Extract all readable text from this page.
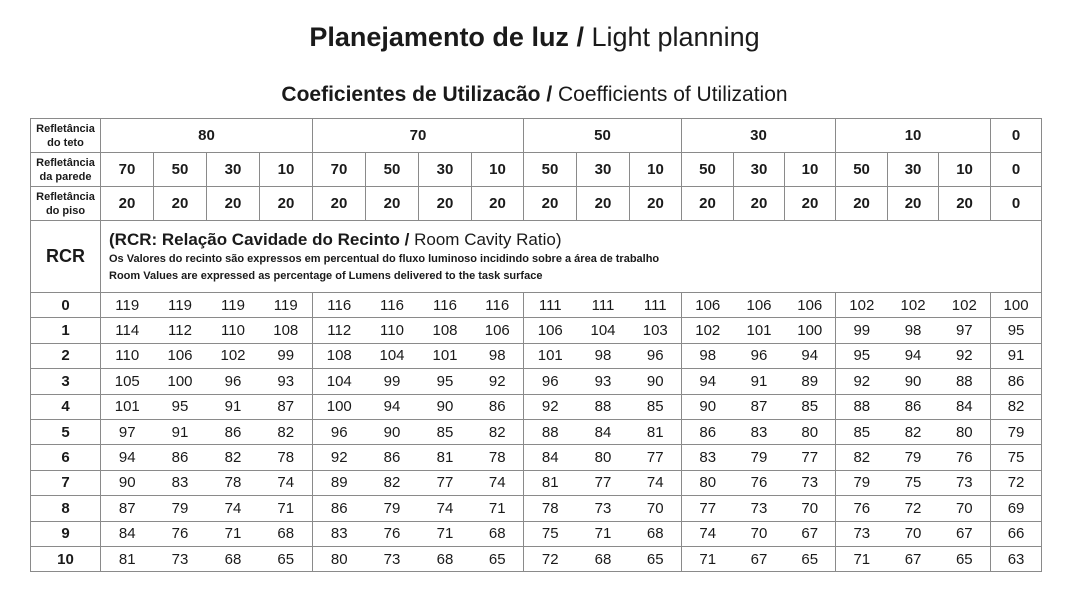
Planejamento de luz / Light planning
Coeficientes de Utilizacão / Coefficients of Utilization
Refletância
do teto	80				70				50			30			10			0

Refletância
da parede	70	50	30	10	70	50	30	10	50	30	10	50	30	10	50	30	10	0

Refletância
do piso	20	20	20	20	20	20	20	20	20	20	20	20	20	20	20	20	20	0
RCR	(RCR: Relação Cavidade do Recinto / Room Cavity Ratio)
Os Valores do recinto são expressos em percentual do fluxo luminoso incidindo sobre a área de trabalho
Room Values are expressed as percentage of Lumens delivered to the task surface																	

0	119	119	119	119	116	116	116	116	111	111	111	106	106	106	102	102	102	100
1	114	112	110	108	112	110	108	106	106	104	103	102	101	100	99	98	97	95
2	110	106	102	99	108	104	101	98	101	98	96	98	96	94	95	94	92	91
3	105	100	96	93	104	99	95	92	96	93	90	94	91	89	92	90	88	86
4	101	95	91	87	100	94	90	86	92	88	85	90	87	85	88	86	84	82
5	97	91	86	82	96	90	85	82	88	84	81	86	83	80	85	82	80	79
6	94	86	82	78	92	86	81	78	84	80	77	83	79	77	82	79	76	75
7	90	83	78	74	89	82	77	74	81	77	74	80	76	73	79	75	73	72
8	87	79	74	71	86	79	74	71	78	73	70	77	73	70	76	72	70	69
9	84	76	71	68	83	76	71	68	75	71	68	74	70	67	73	70	67	66
10	81	73	68	65	80	73	68	65	72	68	65	71	67	65	71	67	65	63
